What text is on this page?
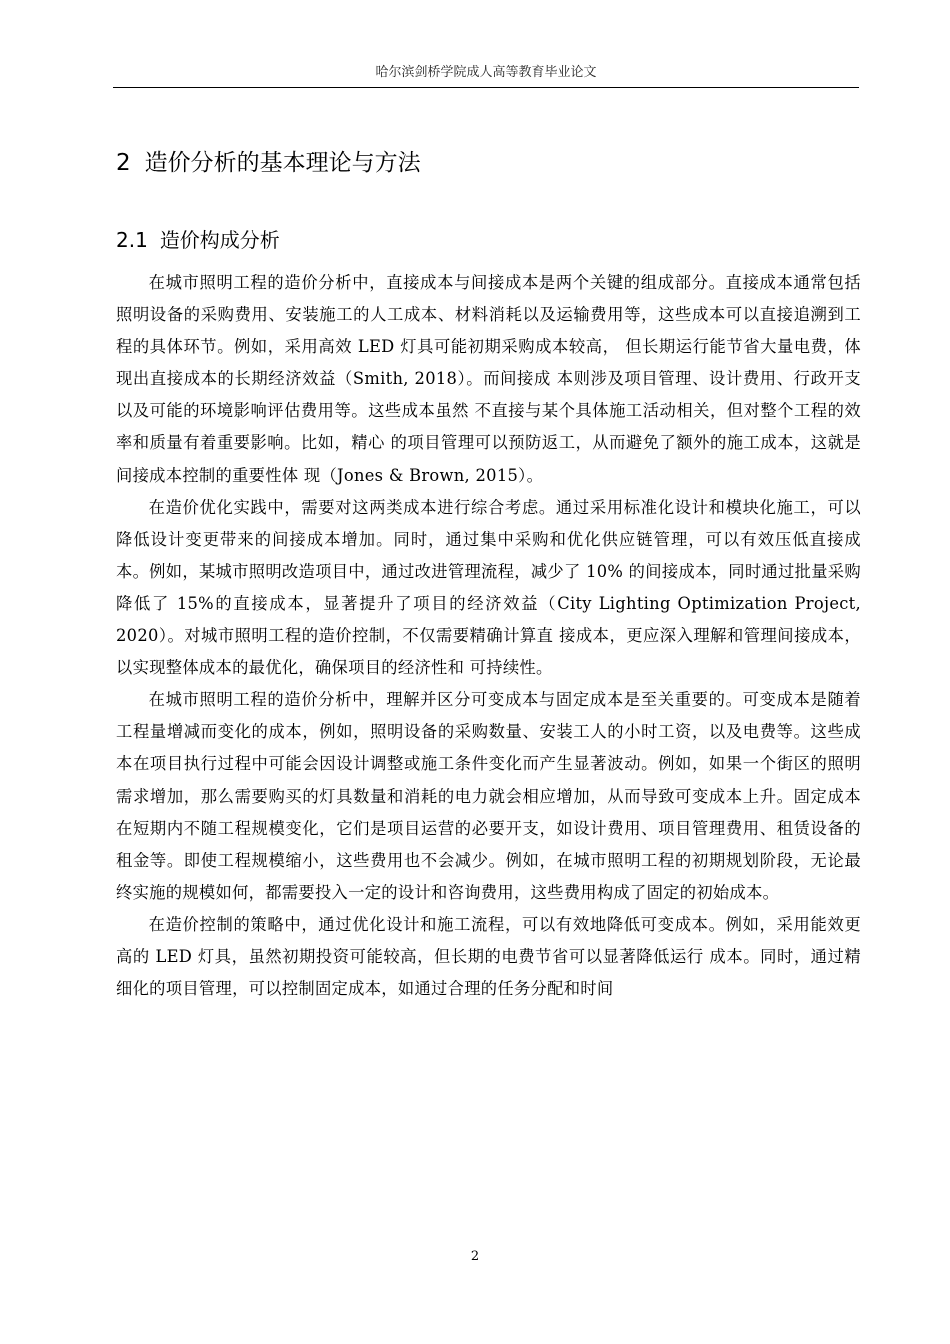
哈尔滨剑桥学院成人高等教育毕业论文
2 造价分析的基本理论与方法
2.1 造价构成分析

在城市照明工程的造价分析中，直接成本与间接成本是两个关键的组成部分。直接成本通常包括照明设备的采购费用、安装施工的人工成本、材料消耗以及运输费用等，这些成本可以直接追溯到工程的具体环节。例如，采用高效 LED 灯具可能初期采购成本较高， 但长期运行能节省大量电费，体现出直接成本的长期经济效益（Smith, 2018）。而间接成 本则涉及项目管理、设计费用、行政开支以及可能的环境影响评估费用等。这些成本虽然 不直接与某个具体施工活动相关，但对整个工程的效率和质量有着重要影响。比如，精心 的项目管理可以预防返工，从而避免了额外的施工成本，这就是间接成本控制的重要性体 现（Jones & Brown, 2015）。

在造价优化实践中，需要对这两类成本进行综合考虑。通过采用标准化设计和模块化施工，可以降低设计变更带来的间接成本增加。同时，通过集中采购和优化供应链管理，可以有效压低直接成本。例如，某城市照明改造项目中，通过改进管理流程，减少了 10% 的间接成本，同时通过批量采购降低了 15%的直接成本，显著提升了项目的经济效益（City Lighting Optimization Project, 2020）。对城市照明工程的造价控制，不仅需要精确计算直 接成本，更应深入理解和管理间接成本，以实现整体成本的最优化，确保项目的经济性和 可持续性。

在城市照明工程的造价分析中，理解并区分可变成本与固定成本是至关重要的。可变成本是随着工程量增减而变化的成本，例如，照明设备的采购数量、安装工人的小时工资，以及电费等。这些成本在项目执行过程中可能会因设计调整或施工条件变化而产生显著波动。例如，如果一个街区的照明需求增加，那么需要购买的灯具数量和消耗的电力就会相应增加，从而导致可变成本上升。固定成本在短期内不随工程规模变化，它们是项目运营的必要开支，如设计费用、项目管理费用、租赁设备的租金等。即使工程规模缩小，这些费用也不会减少。例如，在城市照明工程的初期规划阶段，无论最终实施的规模如何，都需要投入一定的设计和咨询费用，这些费用构成了固定的初始成本。

在造价控制的策略中，通过优化设计和施工流程，可以有效地降低可变成本。例如，采用能效更高的 LED 灯具，虽然初期投资可能较高，但长期的电费节省可以显著降低运行 成本。同时，通过精细化的项目管理，可以控制固定成本，如通过合理的任务分配和时间

2
